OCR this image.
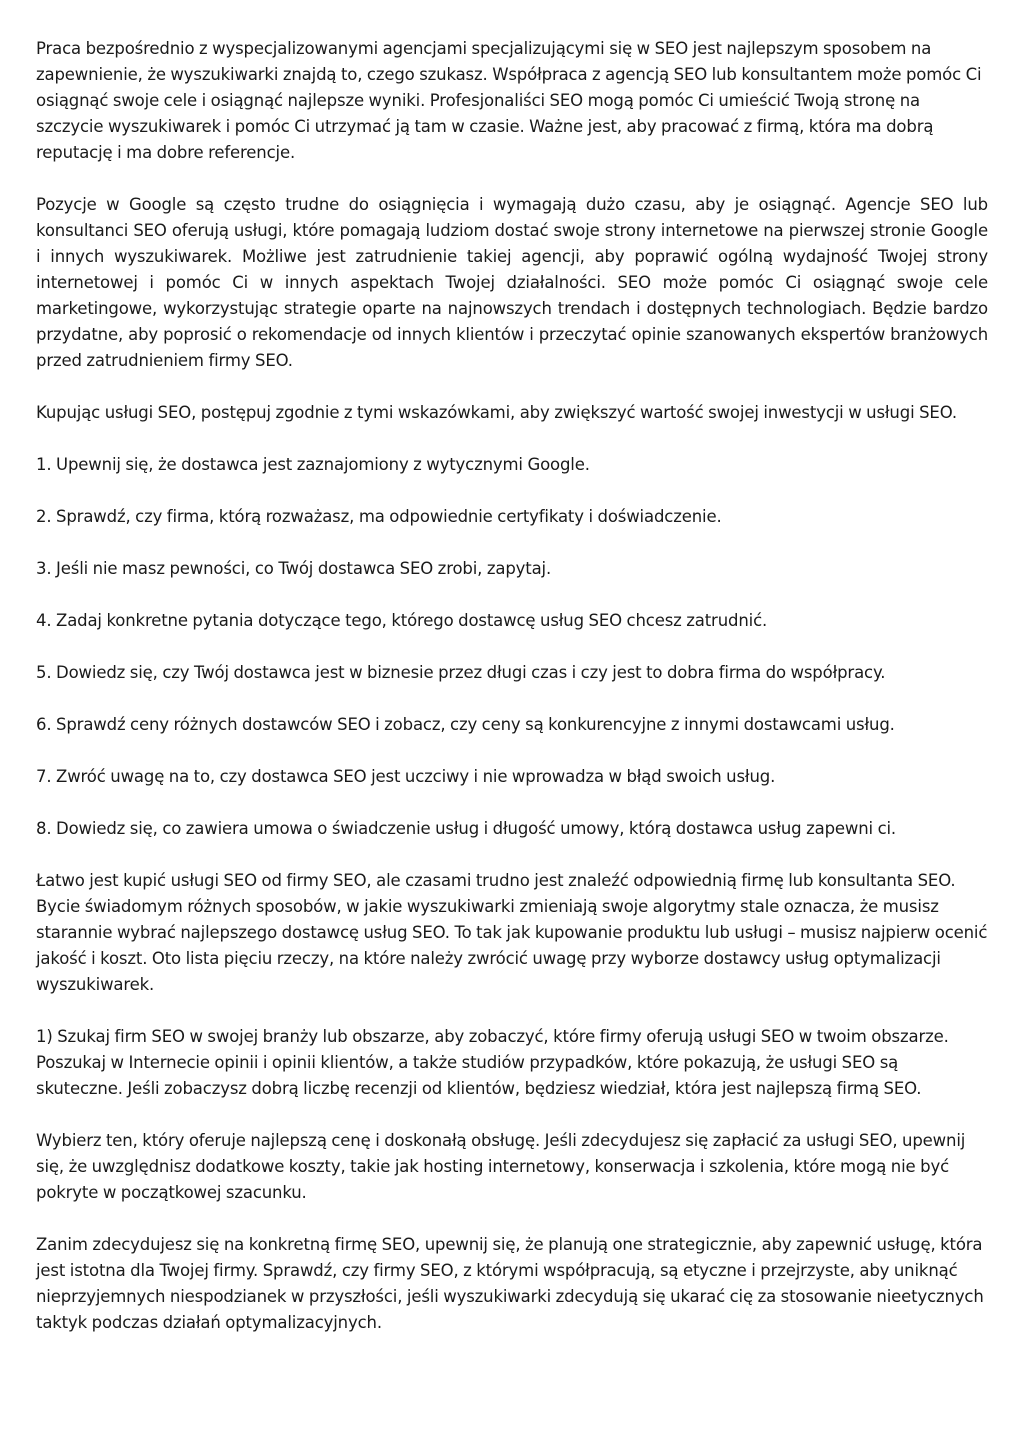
Praca bezpośrednio z wyspecjalizowanymi agencjami specjalizującymi się w SEO jest najlepszym sposobem na zapewnienie, że wyszukiwarki znajdą to, czego szukasz. Współpraca z agencją SEO lub konsultantem może pomóc Ci osiągnąć swoje cele i osiągnąć najlepsze wyniki. Profesjonaliści SEO mogą pomóc Ci umieścić Twoją stronę na szczycie wyszukiwarek i pomóc Ci utrzymać ją tam w czasie. Ważne jest, aby pracować z firmą, która ma dobrą reputację i ma dobre referencje.

Pozycje w Google są często trudne do osiągnięcia i wymagają dużo czasu, aby je osiągnąć. Agencje SEO lub konsultanci SEO oferują usługi, które pomagają ludziom dostać swoje strony internetowe na pierwszej stronie Google i innych wyszukiwarek. Możliwe jest zatrudnienie takiej agencji, aby poprawić ogólną wydajność Twojej strony internetowej i pomóc Ci w innych aspektach Twojej działalności. SEO może pomóc Ci osiągnąć swoje cele marketingowe, wykorzystując strategie oparte na najnowszych trendach i dostępnych technologiach. Będzie bardzo przydatne, aby poprosić o rekomendacje od innych klientów i przeczytać opinie szanowanych ekspertów branżowych przed zatrudnieniem firmy SEO.

Kupując usługi SEO, postępuj zgodnie z tymi wskazówkami, aby zwiększyć wartość swojej inwestycji w usługi SEO.

1. Upewnij się, że dostawca jest zaznajomiony z wytycznymi Google.

2. Sprawdź, czy firma, którą rozważasz, ma odpowiednie certyfikaty i doświadczenie.

3. Jeśli nie masz pewności, co Twój dostawca SEO zrobi, zapytaj.

4. Zadaj konkretne pytania dotyczące tego, którego dostawcę usług SEO chcesz zatrudnić.

5. Dowiedz się, czy Twój dostawca jest w biznesie przez długi czas i czy jest to dobra firma do współpracy.

6. Sprawdź ceny różnych dostawców SEO i zobacz, czy ceny są konkurencyjne z innymi dostawcami usług.

7. Zwróć uwagę na to, czy dostawca SEO jest uczciwy i nie wprowadza w błąd swoich usług.

8. Dowiedz się, co zawiera umowa o świadczenie usług i długość umowy, którą dostawca usług zapewni ci.

Łatwo jest kupić usługi SEO od firmy SEO, ale czasami trudno jest znaleźć odpowiednią firmę lub konsultanta SEO. Bycie świadomym różnych sposobów, w jakie wyszukiwarki zmieniają swoje algorytmy stale oznacza, że musisz starannie wybrać najlepszego dostawcę usług SEO. To tak jak kupowanie produktu lub usługi – musisz najpierw ocenić jakość i koszt. Oto lista pięciu rzeczy, na które należy zwrócić uwagę przy wyborze dostawcy usług optymalizacji wyszukiwarek.

1) Szukaj firm SEO w swojej branży lub obszarze, aby zobaczyć, które firmy oferują usługi SEO w twoim obszarze. Poszukaj w Internecie opinii i opinii klientów, a także studiów przypadków, które pokazują, że usługi SEO są skuteczne. Jeśli zobaczysz dobrą liczbę recenzji od klientów, będziesz wiedział, która jest najlepszą firmą SEO.

Wybierz ten, który oferuje najlepszą cenę i doskonałą obsługę. Jeśli zdecydujesz się zapłacić za usługi SEO, upewnij się, że uwzględnisz dodatkowe koszty, takie jak hosting internetowy, konserwacja i szkolenia, które mogą nie być pokryte w początkowej szacunku.

Zanim zdecydujesz się na konkretną firmę SEO, upewnij się, że planują one strategicznie, aby zapewnić usługę, która jest istotna dla Twojej firmy. Sprawdź, czy firmy SEO, z którymi współpracują, są etyczne i przejrzyste, aby uniknąć nieprzyjemnych niespodzianek w przyszłości, jeśli wyszukiwarki zdecydują się ukarać cię za stosowanie nieetycznych taktyk podczas działań optymalizacyjnych.
